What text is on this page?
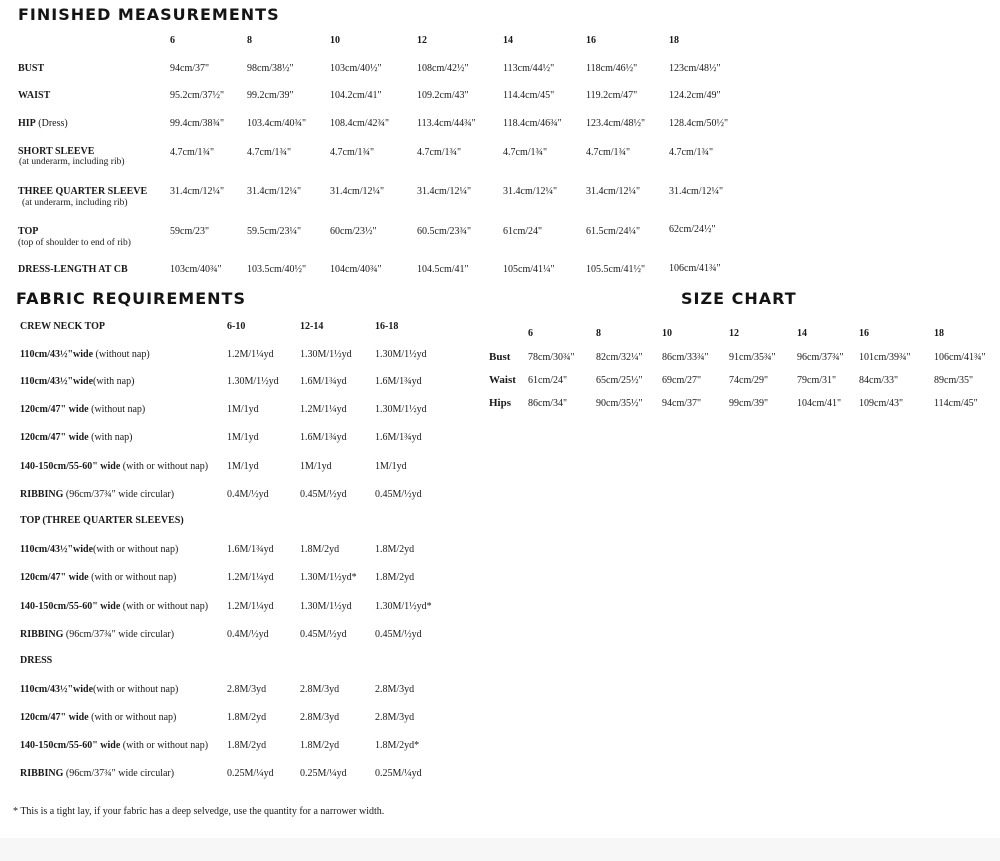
FINISHED MEASUREMENTS
6	8	10	12	14	16	18
BUST	94cm/37"	98cm/38½"	103cm/40½"	108cm/42½"	113cm/44½"	118cm/46½"	123cm/48½"
WAIST	95.2cm/37½" 99.2cm/39"	104.2cm/41"	109.2cm/43"	114.4cm/45"	119.2cm/47"	124.2cm/49"
HIP (Dress)	99.4cm/38¾" 103.4cm/40¾" 108.4cm/42¾"	113.4cm/44¾"	118.4cm/46¾" 123.4cm/48½" 128.4cm/50½"
SHORT SLEEVE
(at underarm, including rib)
4.7cm/1¾"	4.7cm/1¾"	4.7cm/1¾"	4.7cm/1¾"	4.7cm/1¾"	4.7cm/1¾"	4.7cm/1¾"
THREE QUARTER SLEEVE
(at underarm, including rib)
31.4cm/12¼" 31.4cm/12¼"	31.4cm/12¼"	31.4cm/12¼"	31.4cm/12¼"	31.4cm/12¼"	31.4cm/12¼"
TOP
(top of shoulder to end of rib)
59cm/23"	59.5cm/23¼"	60cm/23½"	60.5cm/23¾"	61cm/24"	61.5cm/24¼"	62cm/24½"
DRESS-LENGTH AT CB	103cm/40¾"	103.5cm/40½" 104cm/40¾"	104.5cm/41"	105cm/41¼"	105.5cm/41½" 106cm/41¾"
FABRIC REQUIREMENTS
CREW NECK TOP	6-10	12-14	16-18
110cm/43½"wide (without nap)	1.2M/1¼yd	1.30M/1½yd 1.30M/1½yd
110cm/43½"wide(with nap)	1.30M/1½yd 1.6M/1¾yd	1.6M/1¾yd
120cm/47" wide (without nap)	1M/1yd	1.2M/1¼yd	1.30M/1½yd
120cm/47" wide (with nap)	1M/1yd	1.6M/1¾yd	1.6M/1¾yd
140-150cm/55-60" wide (with or without nap) 1M/1yd	1M/1yd	1M/1yd
RIBBING (96cm/37¾" wide circular)	0.4M/½yd	0.45M/½yd	0.45M/½yd
TOP (THREE QUARTER SLEEVES)
110cm/43½"wide(with or without nap)	1.6M/1¾yd	1.8M/2yd	1.8M/2yd
120cm/47" wide (with or without nap)	1.2M/1¼yd	1.30M/1½yd* 1.8M/2yd
140-150cm/55-60" wide (with or without nap) 1.2M/1¼yd	1.30M/1½yd 1.30M/1½yd*
RIBBING (96cm/37¾" wide circular)	0.4M/½yd	0.45M/½yd	0.45M/½yd
DRESS
110cm/43½"wide(with or without nap)	2.8M/3yd	2.8M/3yd	2.8M/3yd
120cm/47" wide (with or without nap)	1.8M/2yd	2.8M/3yd	2.8M/3yd
140-150cm/55-60" wide (with or without nap) 1.8M/2yd	1.8M/2yd	1.8M/2yd*
RIBBING (96cm/37¾" wide circular)	0.25M/¼yd	0.25M/¼yd	0.25M/¼yd
* This is a tight lay, if your fabric has a deep selvedge, use the quantity for a narrower width.
SIZE CHART
6	8	10	12	14	16	18
Bust 78cm/30¾" 82cm/32¼" 86cm/33¾" 91cm/35¾" 96cm/37¾" 101cm/39¾" 106cm/41¾"
Waist 61cm/24"	65cm/25½" 69cm/27"	74cm/29"	79cm/31" 84cm/33"	89cm/35"
Hips 86cm/34"	90cm/35½" 94cm/37"	99cm/39"	104cm/41" 109cm/43"	114cm/45"
